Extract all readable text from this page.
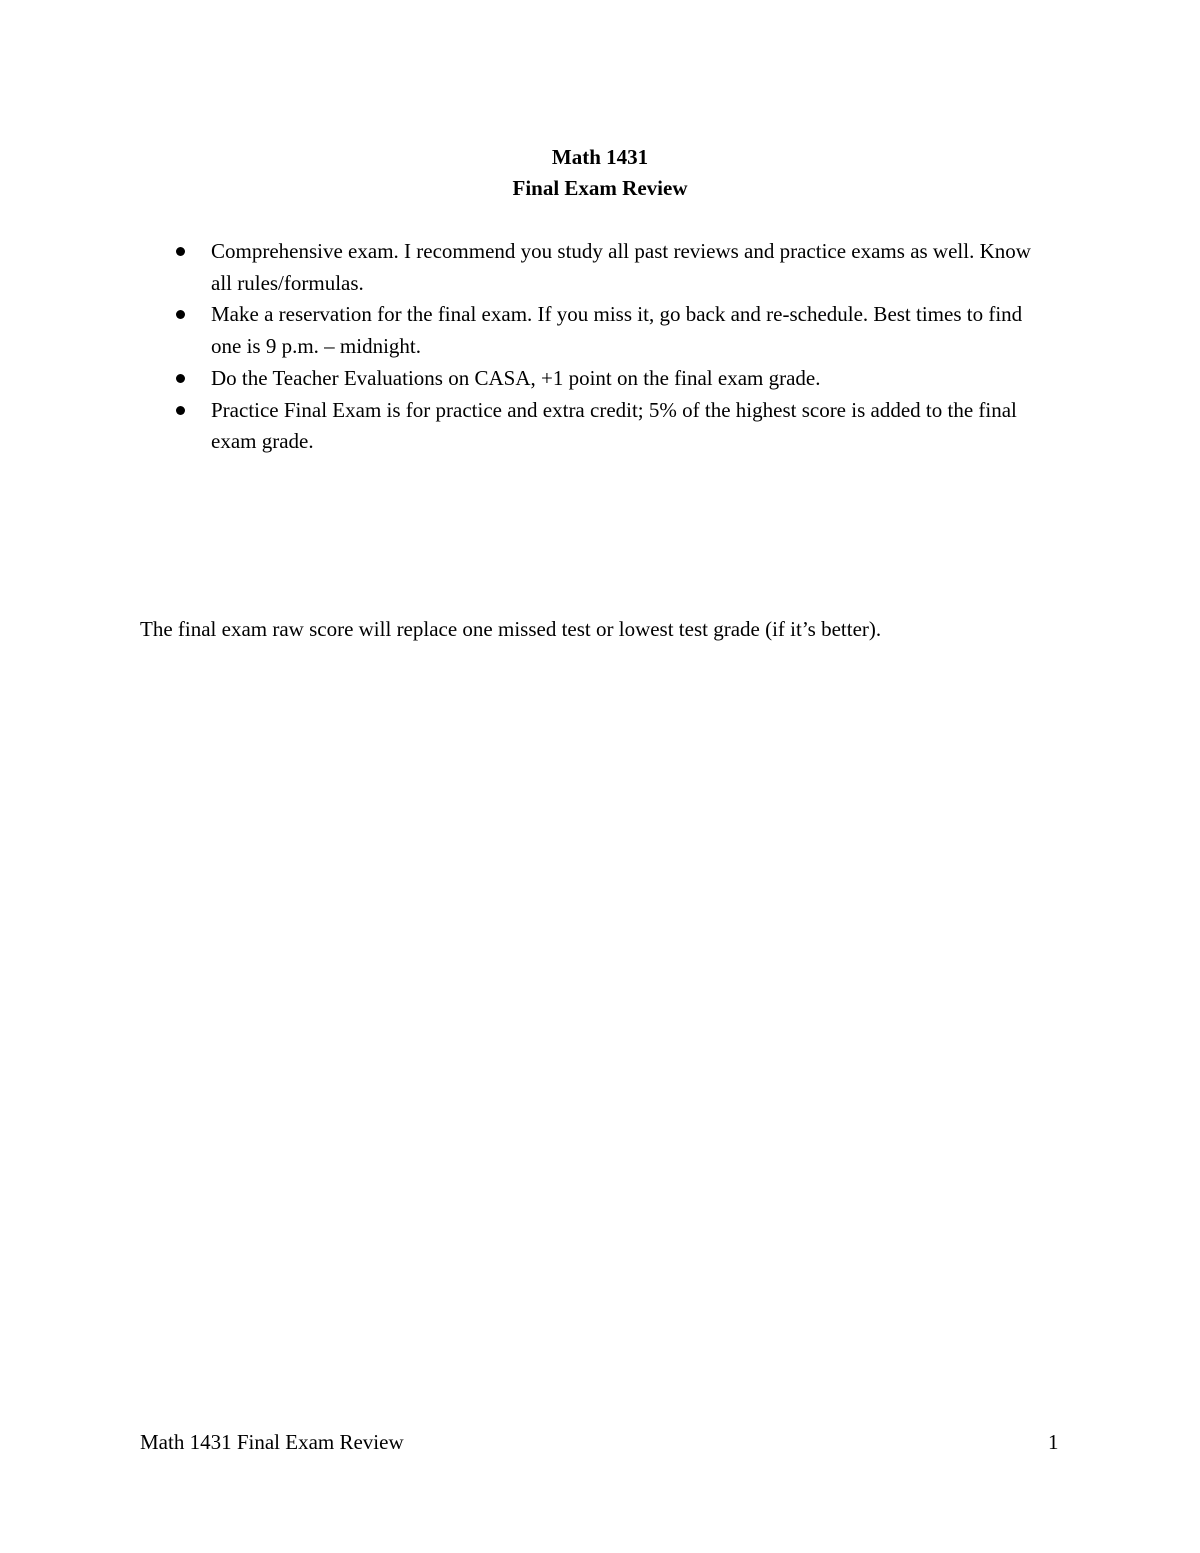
Math 1431
Final Exam Review
Comprehensive exam. I recommend you study all past reviews and practice exams as well. Know all rules/formulas.
Make a reservation for the final exam. If you miss it, go back and re-schedule. Best times to find one is 9 p.m. – midnight.
Do the Teacher Evaluations on CASA, +1 point on the final exam grade.
Practice Final Exam is for practice and extra credit; 5% of the highest score is added to the final exam grade.
The final exam raw score will replace one missed test or lowest test grade (if it’s better).
Math 1431 Final Exam Review	1
